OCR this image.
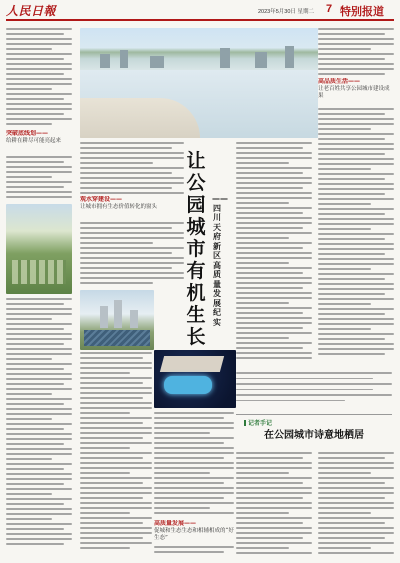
人民日報	2023年5月30日 星期二 7 特别报道
突破底线划——
给耕在耕尽可能亮起来
观水穿建设——
让城市拥有生态价值转化的窗头
高质量发展——
促城和生态生态和相辅相成的“好生态”
让
公
园
城
市
有
机
生
长
——四川天府新区高质量发展纪实
高品质生活——
让老百姓共享公园城市建设成果
记者手记
在公园城市诗意地栖居
